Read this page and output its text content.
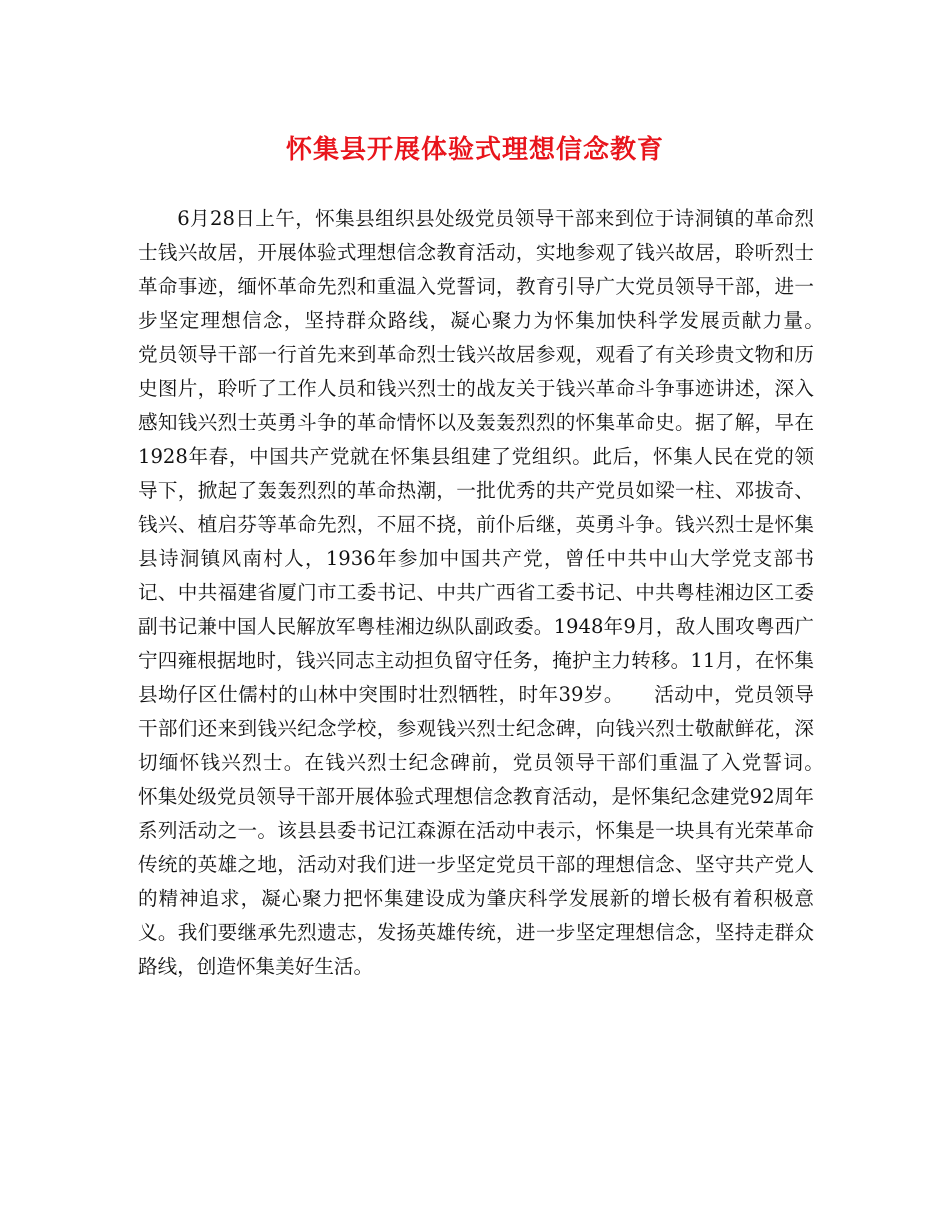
怀集县开展体验式理想信念教育

6月28日上午，怀集县组织县处级党员领导干部来到位于诗洞镇的革命烈士钱兴故居，开展体验式理想信念教育活动，实地参观了钱兴故居，聆听烈士革命事迹，缅怀革命先烈和重温入党誓词，教育引导广大党员领导干部，进一步坚定理想信念，坚持群众路线，凝心聚力为怀集加快科学发展贡献力量。　　党员领导干部一行首先来到革命烈士钱兴故居参观，观看了有关珍贵文物和历史图片，聆听了工作人员和钱兴烈士的战友关于钱兴革命斗争事迹讲述，深入感知钱兴烈士英勇斗争的革命情怀以及轰轰烈烈的怀集革命史。据了解，早在1928年春，中国共产党就在怀集县组建了党组织。此后，怀集人民在党的领导下，掀起了轰轰烈烈的革命热潮，一批优秀的共产党员如梁一柱、邓拔奇、钱兴、植启芬等革命先烈，不屈不挠，前仆后继，英勇斗争。钱兴烈士是怀集县诗洞镇风南村人，1936年参加中国共产党，曾任中共中山大学党支部书记、中共福建省厦门市工委书记、中共广西省工委书记、中共粤桂湘边区工委副书记兼中国人民解放军粤桂湘边纵队副政委。1948年9月，敌人围攻粤西广宁四雍根据地时，钱兴同志主动担负留守任务，掩护主力转移。11月，在怀集县坳仔区仕儒村的山林中突围时壮烈牺牲，时年39岁。　　活动中，党员领导干部们还来到钱兴纪念学校，参观钱兴烈士纪念碑，向钱兴烈士敬献鲜花，深切缅怀钱兴烈士。在钱兴烈士纪念碑前，党员领导干部们重温了入党誓词。　　怀集处级党员领导干部开展体验式理想信念教育活动，是怀集纪念建党92周年系列活动之一。该县县委书记江森源在活动中表示，怀集是一块具有光荣革命传统的英雄之地，活动对我们进一步坚定党员干部的理想信念、坚守共产党人的精神追求，凝心聚力把怀集建设成为肇庆科学发展新的增长极有着积极意义。我们要继承先烈遗志，发扬英雄传统，进一步坚定理想信念，坚持走群众路线，创造怀集美好生活。
